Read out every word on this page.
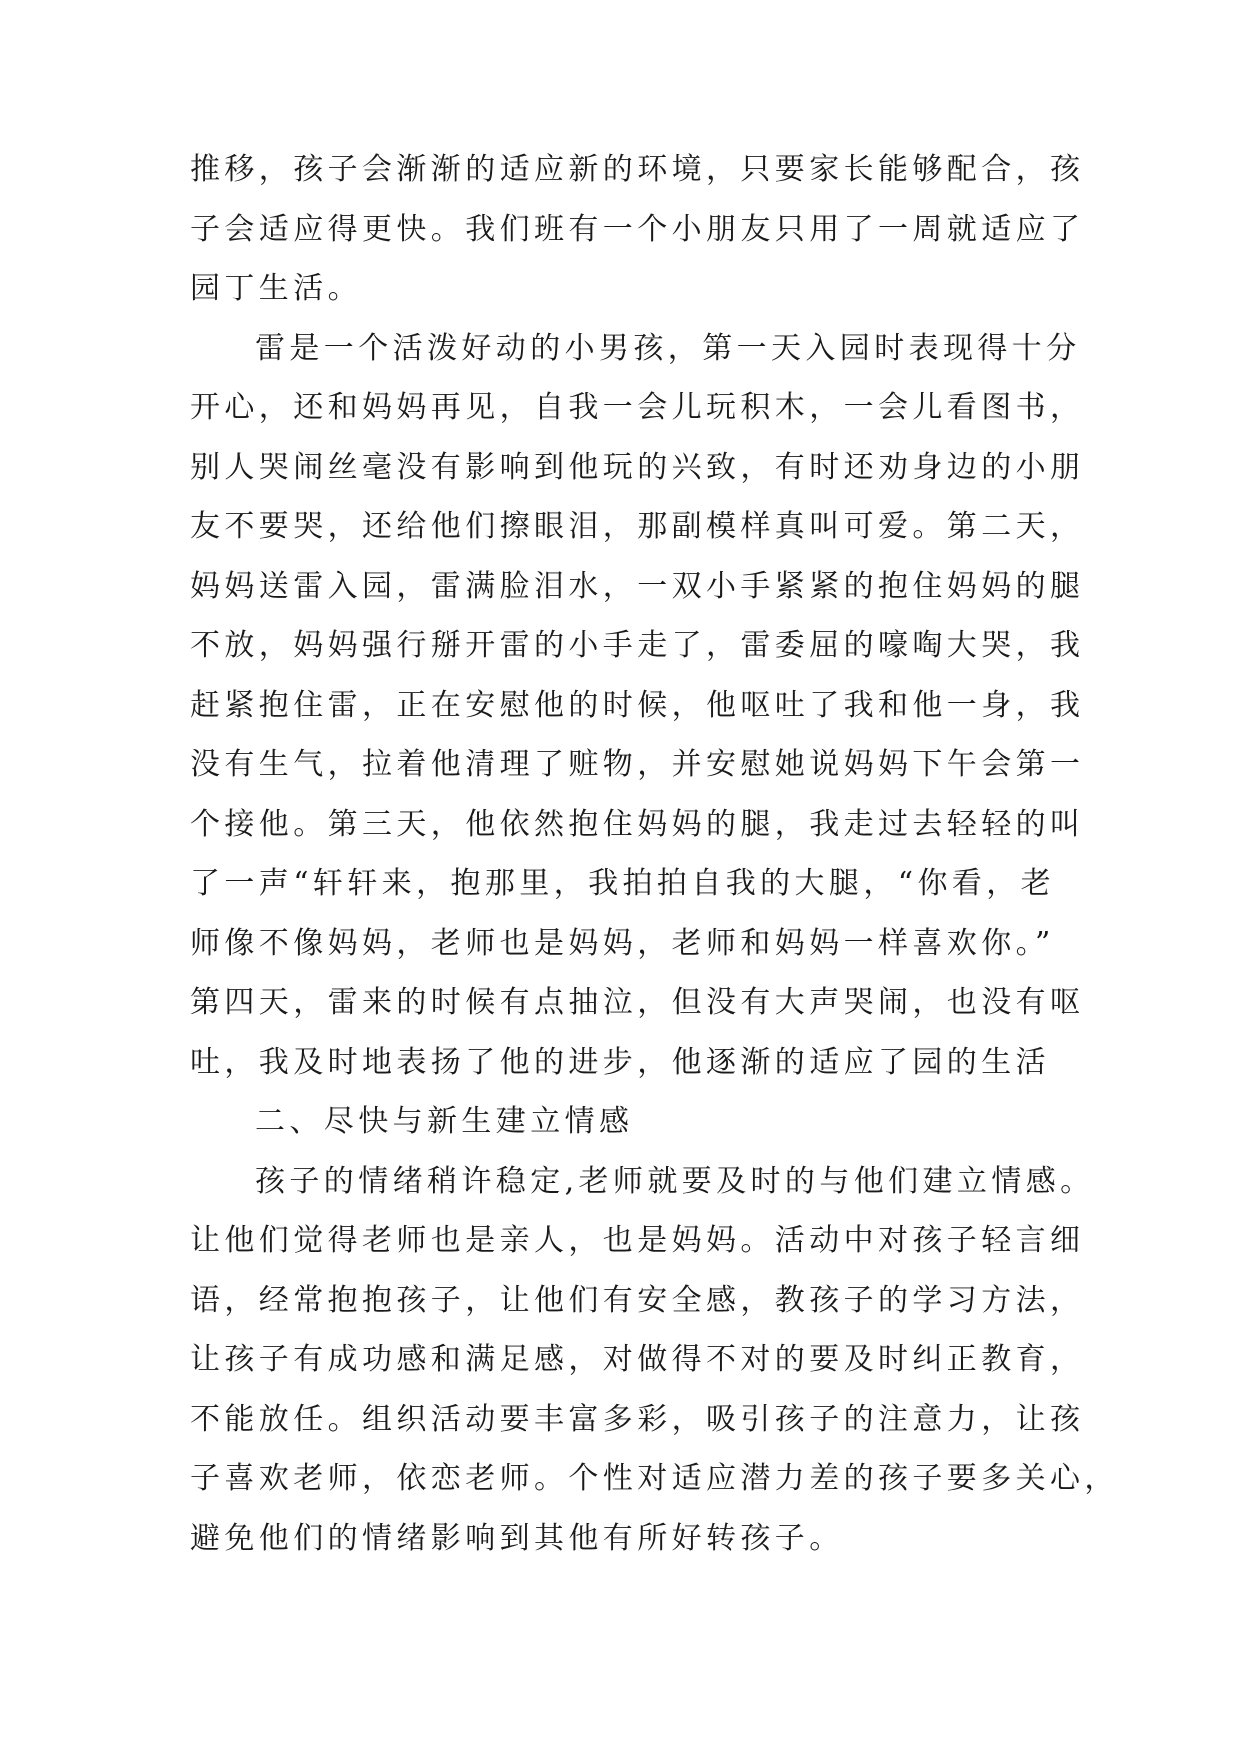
推移，孩子会渐渐的适应新的环境，只要家长能够配合，孩
子会适应得更快。我们班有一个小朋友只用了一周就适应了
园丁生活。
雷是一个活泼好动的小男孩，第一天入园时表现得十分
开心，还和妈妈再见，自我一会儿玩积木，一会儿看图书，
别人哭闹丝毫没有影响到他玩的兴致，有时还劝身边的小朋
友不要哭，还给他们擦眼泪，那副模样真叫可爱。第二天，
妈妈送雷入园，雷满脸泪水，一双小手紧紧的抱住妈妈的腿
不放，妈妈强行掰开雷的小手走了，雷委屈的嚎啕大哭，我
赶紧抱住雷，正在安慰他的时候，他呕吐了我和他一身，我
没有生气，拉着他清理了赃物，并安慰她说妈妈下午会第一
个接他。第三天，他依然抱住妈妈的腿，我走过去轻轻的叫
了一声“轩轩来，抱那里，我拍拍自我的大腿，“你看，老
师像不像妈妈，老师也是妈妈，老师和妈妈一样喜欢你。”
第四天，雷来的时候有点抽泣，但没有大声哭闹，也没有呕
吐，我及时地表扬了他的进步，他逐渐的适应了园的生活
二、尽快与新生建立情感
孩子的情绪稍许稳定,老师就要及时的与他们建立情感。
让他们觉得老师也是亲人，也是妈妈。活动中对孩子轻言细
语，经常抱抱孩子，让他们有安全感，教孩子的学习方法，
让孩子有成功感和满足感，对做得不对的要及时纠正教育，
不能放任。组织活动要丰富多彩，吸引孩子的注意力，让孩
子喜欢老师，依恋老师。个性对适应潜力差的孩子要多关心，
避免他们的情绪影响到其他有所好转孩子。
